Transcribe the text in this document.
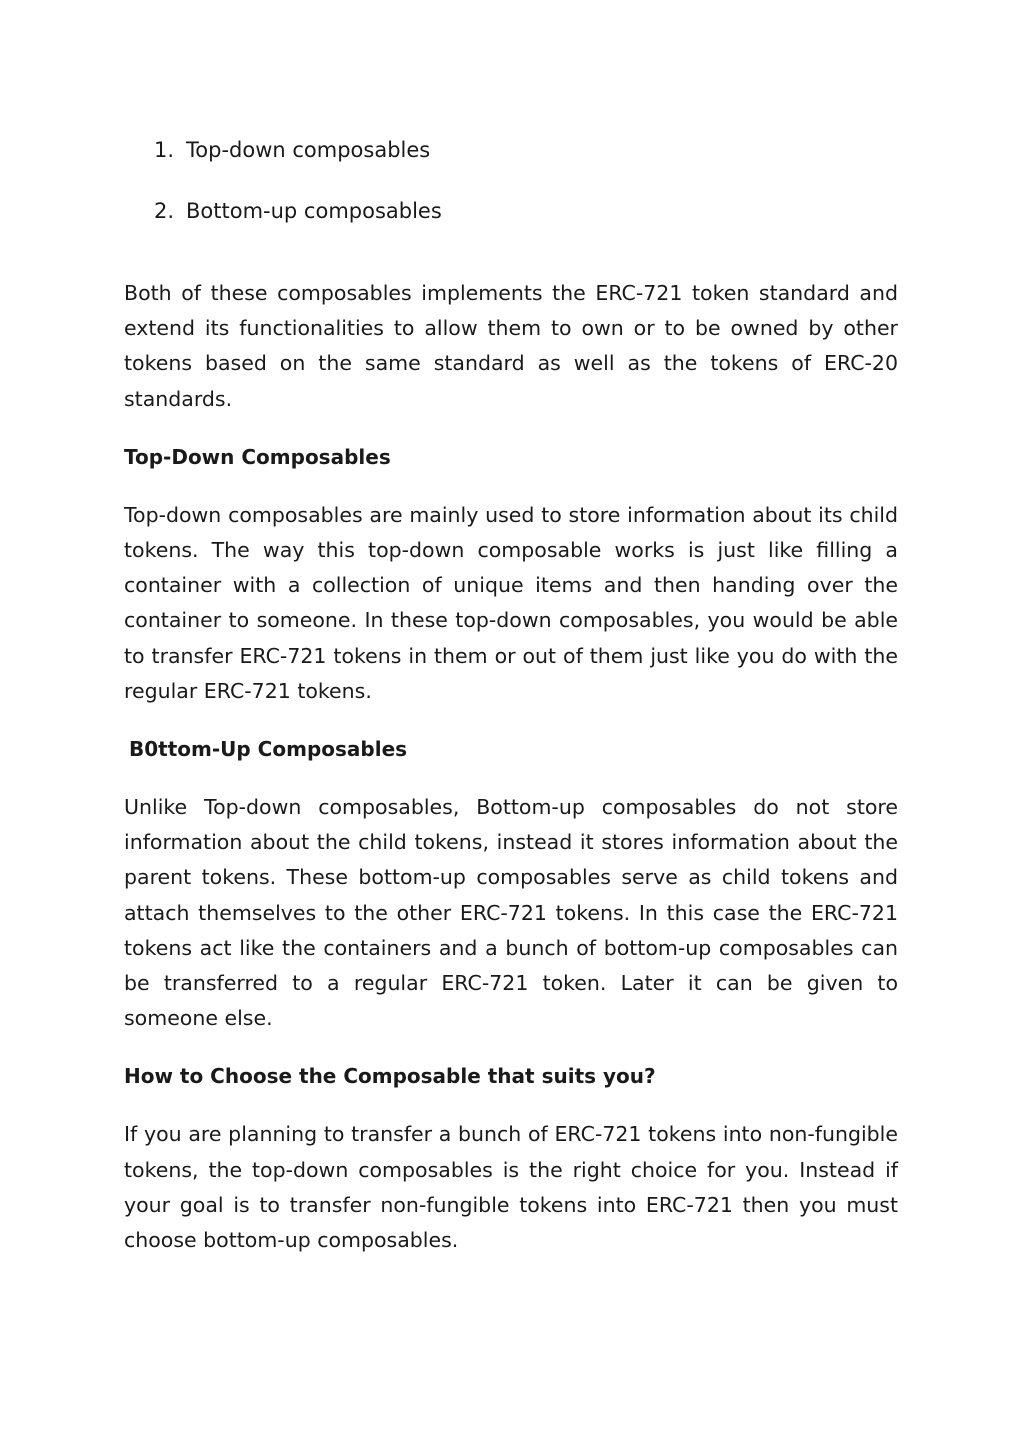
1. Top-down composables
2. Bottom-up composables

Both of these composables implements the ERC-721 token standard and extend its functionalities to allow them to own or to be owned by other tokens based on the same standard as well as the tokens of ERC-20 standards.

Top-Down Composables

Top-down composables are mainly used to store information about its child tokens. The way this top-down composable works is just like filling a container with a collection of unique items and then handing over the container to someone. In these top-down composables, you would be able to transfer ERC-721 tokens in them or out of them just like you do with the regular ERC-721 tokens.

B0ttom-Up Composables

Unlike Top-down composables, Bottom-up composables do not store information about the child tokens, instead it stores information about the parent tokens. These bottom-up composables serve as child tokens and attach themselves to the other ERC-721 tokens. In this case the ERC-721 tokens act like the containers and a bunch of bottom-up composables can be transferred to a regular ERC-721 token. Later it can be given to someone else.

How to Choose the Composable that suits you?

If you are planning to transfer a bunch of ERC-721 tokens into non-fungible tokens, the top-down composables is the right choice for you. Instead if your goal is to transfer non-fungible tokens into ERC-721 then you must choose bottom-up composables.
